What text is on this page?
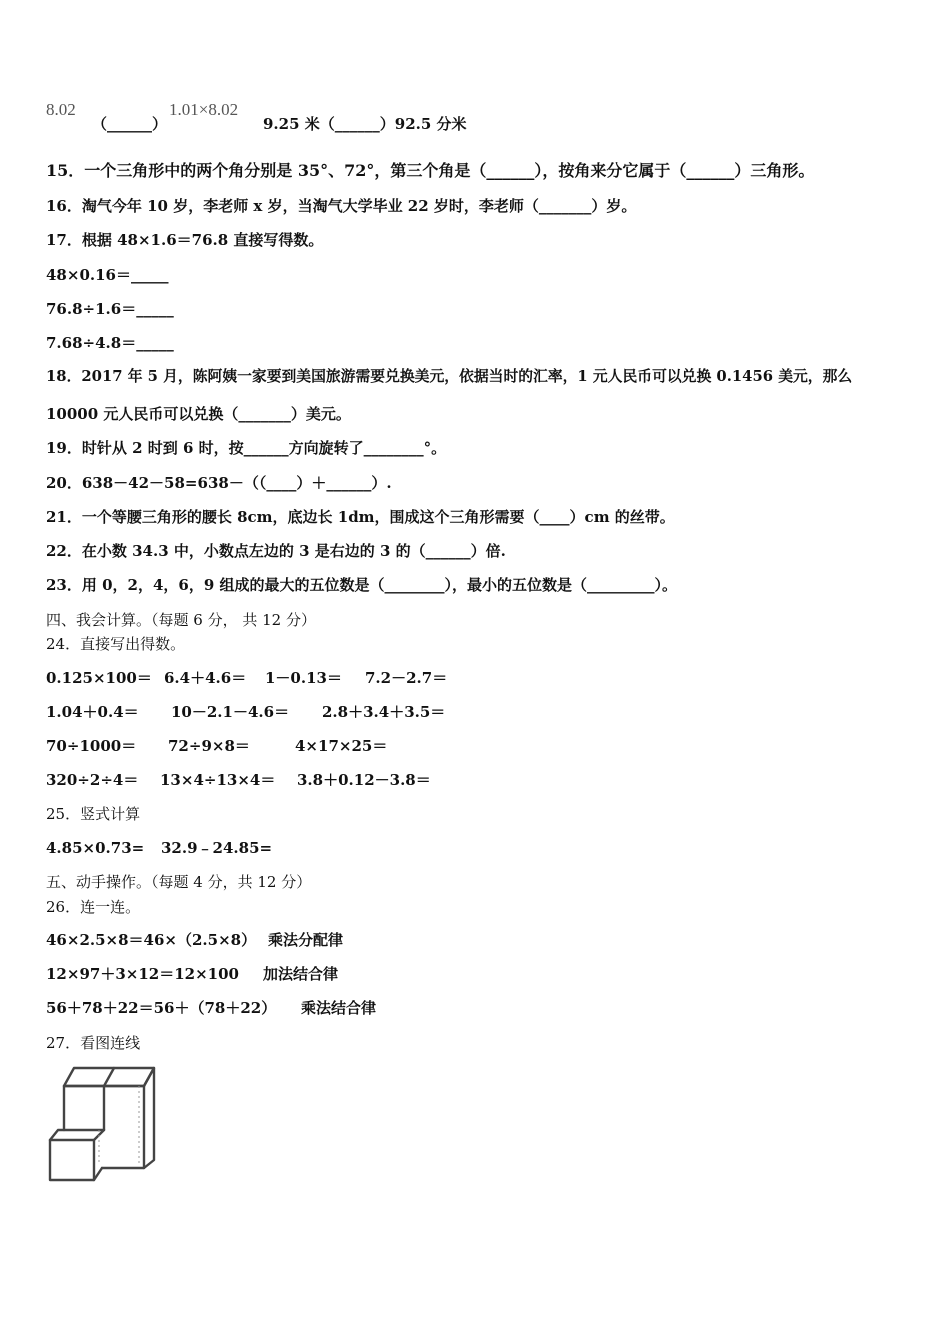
8.02
（______）
1.01×8.02
9.25 米（______）92.5 分米
15．一个三角形中的两个角分别是 35°、72°，第三个角是（______），按角来分它属于（______）三角形。
16．淘气今年 10 岁，李老师 x 岁，当淘气大学毕业 22 岁时，李老师（_______）岁。
17．根据 48×1.6＝76.8 直接写得数。
48×0.16＝_____
76.8÷1.6＝_____
7.68÷4.8＝_____
18．2017 年 5 月，陈阿姨一家要到美国旅游需要兑换美元，依据当时的汇率，1 元人民币可以兑换 0.1456 美元，那么
10000 元人民币可以兑换（_______）美元。
19．时针从 2 时到 6 时，按______方向旋转了________°。
20．638－42－58=638－（（____）＋______）.
21．一个等腰三角形的腰长 8cm，底边长 1dm，围成这个三角形需要（____）cm 的丝带。
22．在小数 34.3 中，小数点左边的 3 是右边的 3 的（______）倍.
23．用 0，2，4，6，9 组成的最大的五位数是（________），最小的五位数是（_________）。
四、我会计算。（每题 6 分， 共 12 分）
24．直接写出得数。
0.125×100＝ 6.4＋4.6＝ 1－0.13＝ 7.2－2.7＝
1.04＋0.4＝ 10－2.1－4.6＝ 2.8＋3.4＋3.5＝
70÷1000＝ 72÷9×8＝	4×17×25＝
320÷2÷4＝ 13×4÷13×4＝ 3.8＋0.12－3.8＝
25．竖式计算
4.85×0.73= 32.9﹣24.85=
五、动手操作。（每题 4 分，共 12 分）
26．连一连。
46×2.5×8＝46×（2.5×8） 乘法分配律
12×97＋3×12＝12×100 加法结合律
56＋78＋22＝56＋（78＋22） 乘法结合律
27．看图连线
